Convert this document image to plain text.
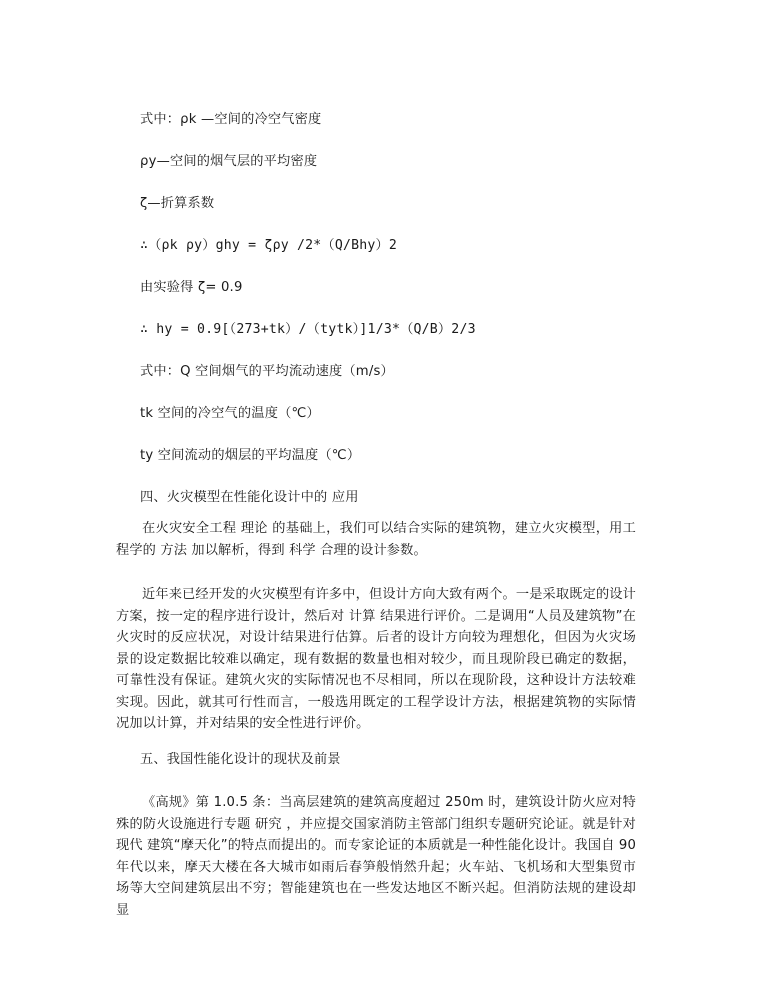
式中：ρk —空间的冷空气密度
ρy—空间的烟气层的平均密度
ζ—折算系数
∴（ρk ρy）ghy = ζρy /2*（Q/Bhy）2
由实验得 ζ= 0.9
∴ hy = 0.9[（273+tk）/（tytk）]1/3*（Q/B）2/3
式中：Q 空间烟气的平均流动速度（m/s）
tk 空间的冷空气的温度（℃）
ty 空间流动的烟层的平均温度（℃）
四、火灾模型在性能化设计中的 应用
在火灾安全工程 理论 的基础上，我们可以结合实际的建筑物，建立火灾模型，用工程学的 方法 加以解析，得到 科学 合理的设计参数。
近年来已经开发的火灾模型有许多中，但设计方向大致有两个。一是采取既定的设计方案，按一定的程序进行设计，然后对 计算 结果进行评价。二是调用“人员及建筑物”在火灾时的反应状况，对设计结果进行估算。后者的设计方向较为理想化，但因为火灾场景的设定数据比较难以确定，现有数据的数量也相对较少，而且现阶段已确定的数据，可靠性没有保证。建筑火灾的实际情况也不尽相同，所以在现阶段，这种设计方法较难实现。因此，就其可行性而言，一般选用既定的工程学设计方法，根据建筑物的实际情况加以计算，并对结果的安全性进行评价。
五、我国性能化设计的现状及前景
《高规》第 1.0.5 条：当高层建筑的建筑高度超过 250m 时，建筑设计防火应对特殊的防火设施进行专题 研究 ，并应提交国家消防主管部门组织专题研究论证。就是针对 现代 建筑“摩天化”的特点而提出的。而专家论证的本质就是一种性能化设计。我国自 90 年代以来，摩天大楼在各大城市如雨后春笋般悄然升起；火车站、飞机场和大型集贸市场等大空间建筑层出不穷；智能建筑也在一些发达地区不断兴起。但消防法规的建设却显
